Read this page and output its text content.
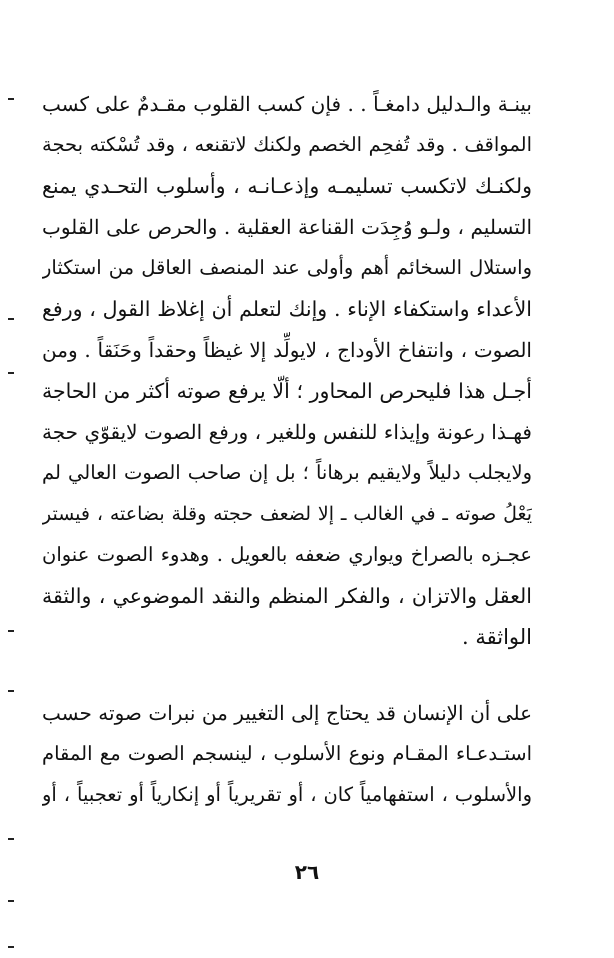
بينـة والـدليل دامغـاً . . فإن كسب القلوب مقـدمٌ على كسب
المواقف . وقد تُفحِم الخصم ولكنك لاتقنعه ، وقد تُسْكته بحجة
ولكنـك لاتكسب تسليمـه وإذعـانـه ، وأسلوب التحـدي يمنع
التسليم ، ولـو وُجِدَت القناعة العقلية . والحرص على القلوب
واستلال السخائم أهم وأولى عند المنصف العاقل من استكثار
الأعداء واستكفاء الإناء . وإنك لتعلم أن إغلاظ القول ، ورفع
الصوت ، وانتفاخ الأوداج ، لايولِّد إلا غيظاً وحقداً وحَنَقاً . ومن
أجـل هذا فليحرص المحاور ؛ ألّا يرفع صوته أكثر من الحاجة
فهـذا رعونة وإيذاء للنفس وللغير ، ورفع الصوت لايقوّي حجة
ولايجلب دليلاً ولايقيم برهاناً ؛ بل إن صاحب الصوت العالي لم
يَعْلُ صوته ـ في الغالب ـ إلا لضعف حجته وقلة بضاعته ، فيستر
عجـزه بالصراخ ويواري ضعفه بالعويل . وهدوء الصوت عنوان
العقل والاتزان ، والفكر المنظم والنقد الموضوعي ، والثقة
الواثقة .
على أن الإنسان قد يحتاج إلى التغيير من نبرات صوته حسب
استـدعـاء المقـام ونوع الأسلوب ، لينسجم الصوت مع المقام
والأسلوب ، استفهامياً كان ، أو تقريرياً أو إنكارياً أو تعجبياً ، أو
٢٦
